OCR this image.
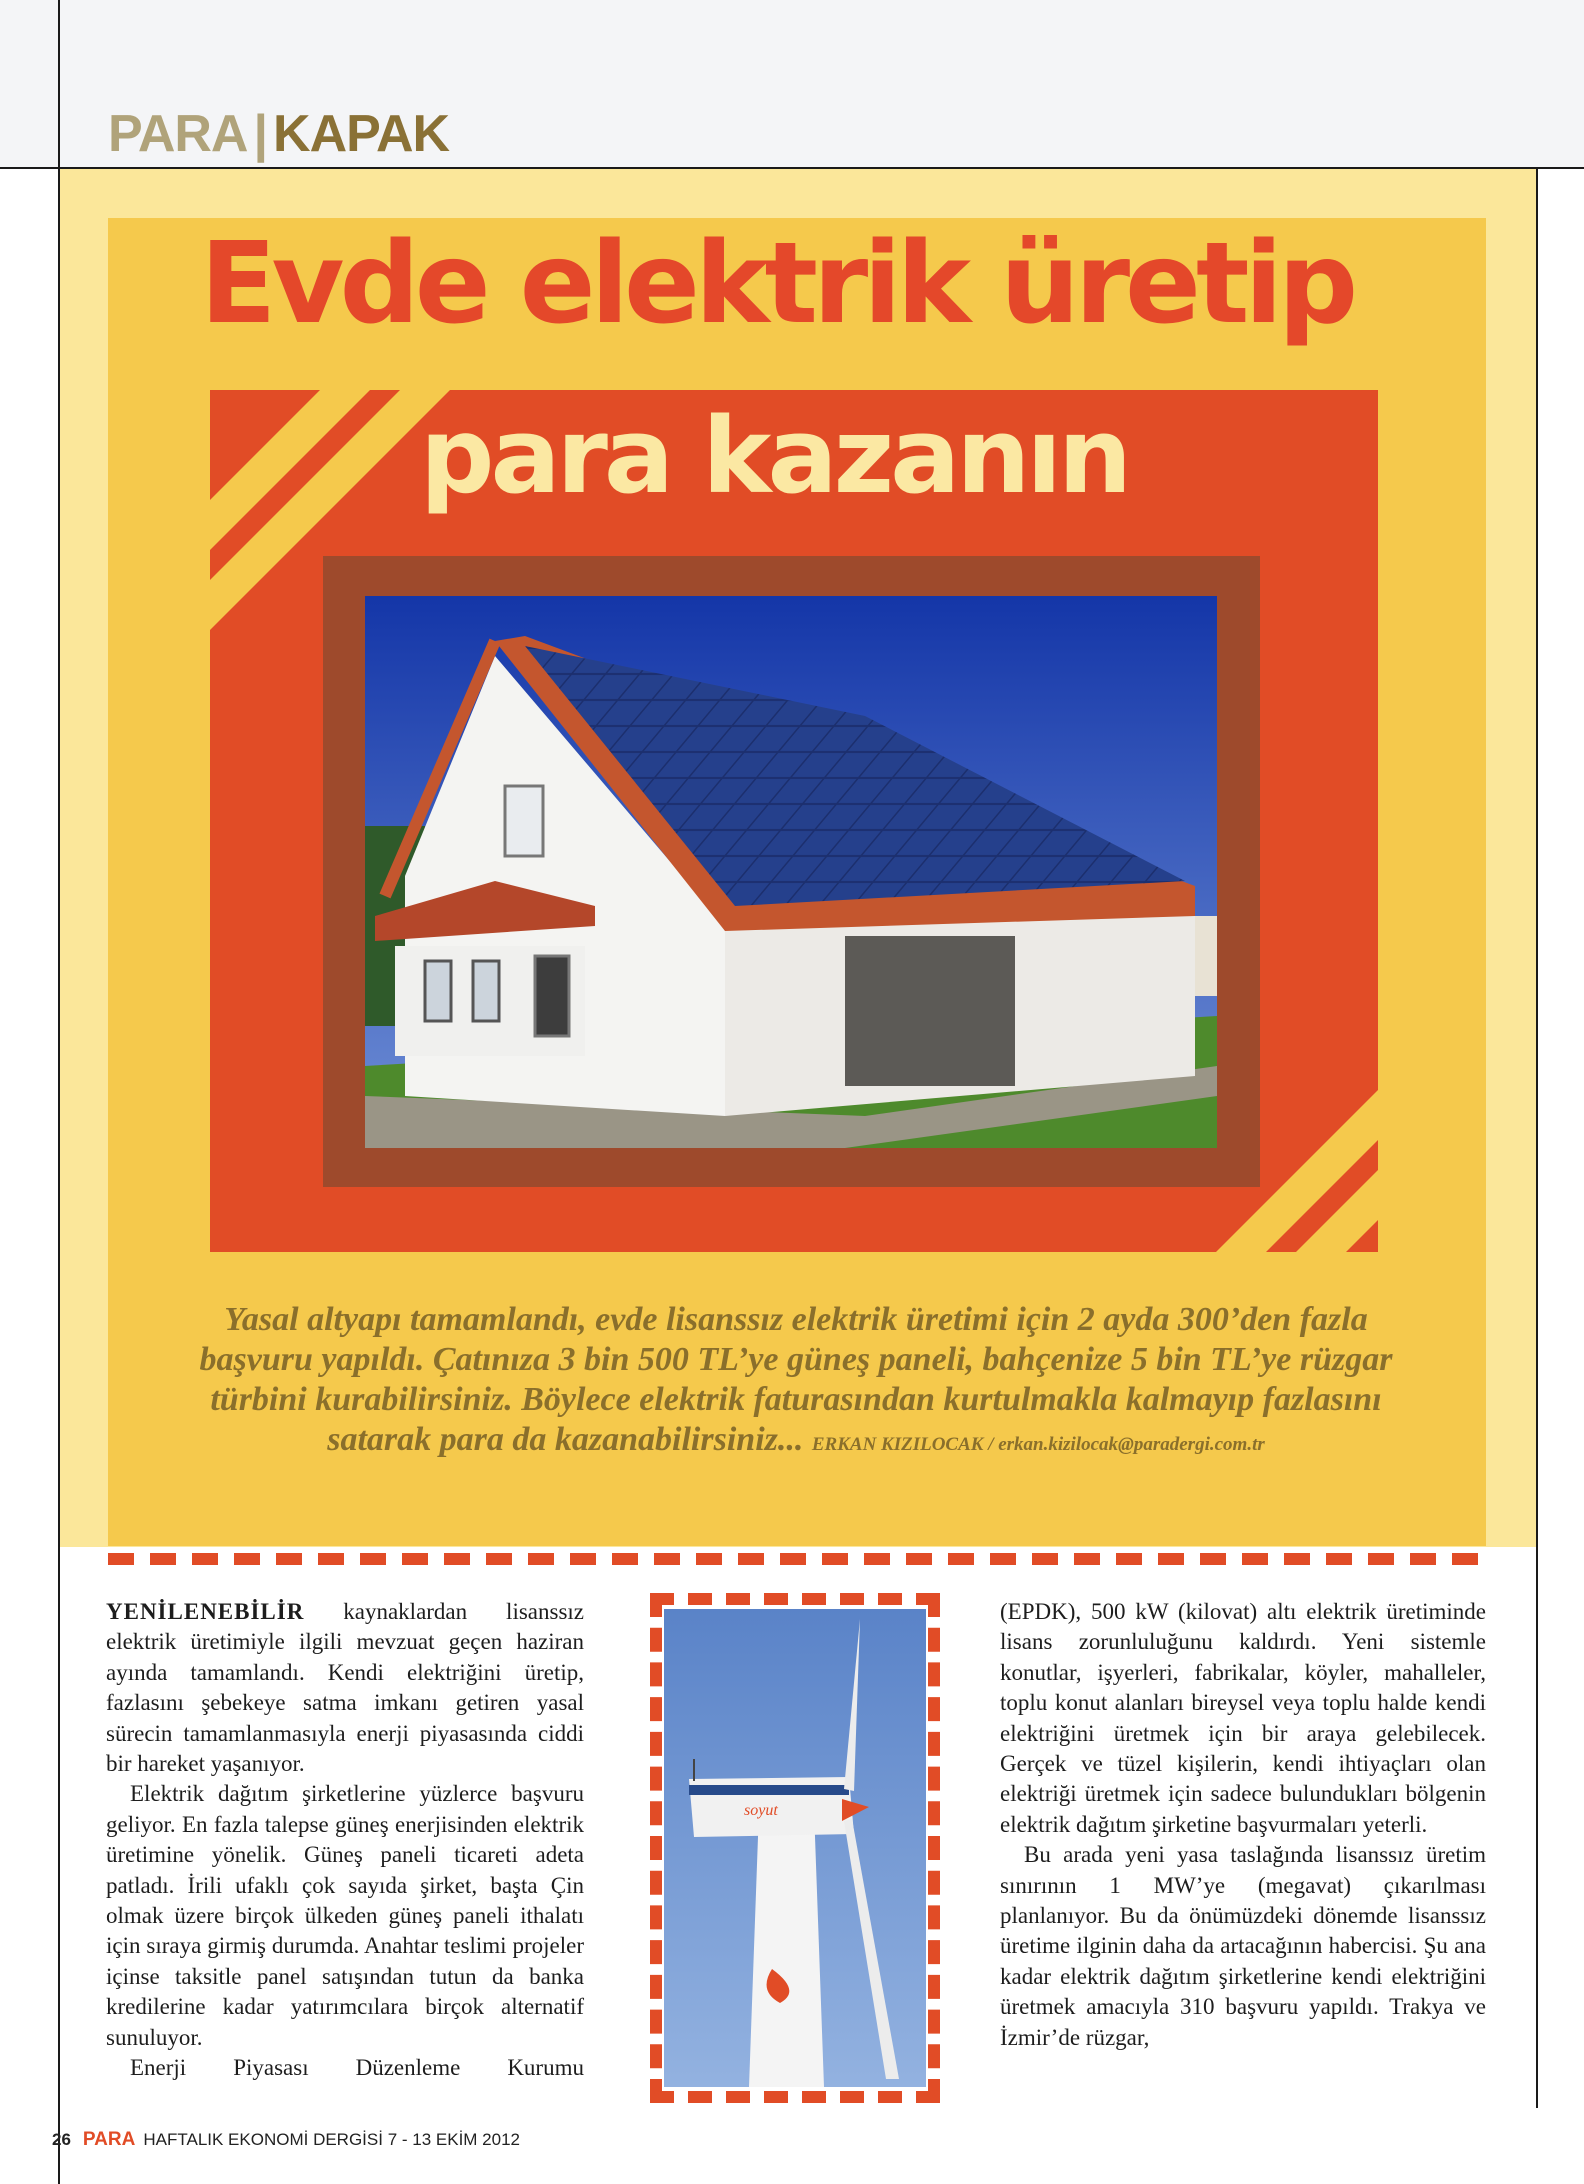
PARA | KAPAK
Evde elektrik üretip
para kazanın
Yasal altyapı tamamlandı, evde lisanssız elektrik üretimi için 2 ayda 300’den fazla başvuru yapıldı. Çatınıza 3 bin 500 TL’ye güneş paneli, bahçenize 5 bin TL’ye rüzgar türbini kurabilirsiniz. Böylece elektrik faturasından kurtulmakla kalmayıp fazlasını satarak para da kazanabilirsiniz... ERKAN KIZILOCAK / erkan.kizilocak@paradergi.com.tr

YENİLENEBİLİR kaynaklardan lisanssız elektrik üretimiyle ilgili mevzuat geçen haziran ayında tamamlandı. Kendi elektriğini üretip, fazlasını şebekeye satma imkanı getiren yasal sürecin tamamlanmasıyla enerji piyasasında ciddi bir hareket yaşanıyor.

Elektrik dağıtım şirketlerine yüzlerce başvuru geliyor. En fazla talepse güneş enerjisinden elektrik üretimine yönelik. Güneş paneli ticareti adeta patladı. İrili ufaklı çok sayıda şirket, başta Çin olmak üzere birçok ülkeden güneş paneli ithalatı için sıraya girmiş durumda. Anahtar teslimi projeler içinse taksitle panel satışından tutun da banka kredilerine kadar yatırımcılara birçok alternatif sunuluyor.

Enerji Piyasası Düzenleme Kurumu

soyut

(EPDK), 500 kW (kilovat) altı elektrik üretiminde lisans zorunluluğunu kaldırdı. Yeni sistemle konutlar, işyerleri, fabrikalar, köyler, mahalleler, toplu konut alanları bireysel veya toplu halde kendi elektriğini üretmek için bir araya gelebilecek. Gerçek ve tüzel kişilerin, kendi ihtiyaçları olan elektriği üretmek için sadece bulundukları bölgenin elektrik dağıtım şirketine başvurmaları yeterli.

Bu arada yeni yasa taslağında lisanssız üretim sınırının 1 MW’ye (megavat) çıkarılması planlanıyor. Bu da önümüzdeki dönemde lisanssız üretime ilginin daha da artacağının habercisi. Şu ana kadar elektrik dağıtım şirketlerine kendi elektriğini üretmek amacıyla 310 başvuru yapıldı. Trakya ve İzmir’de rüzgar,

26 PARA HAFTALIK EKONOMİ DERGİSİ 7 - 13 EKİM 2012
